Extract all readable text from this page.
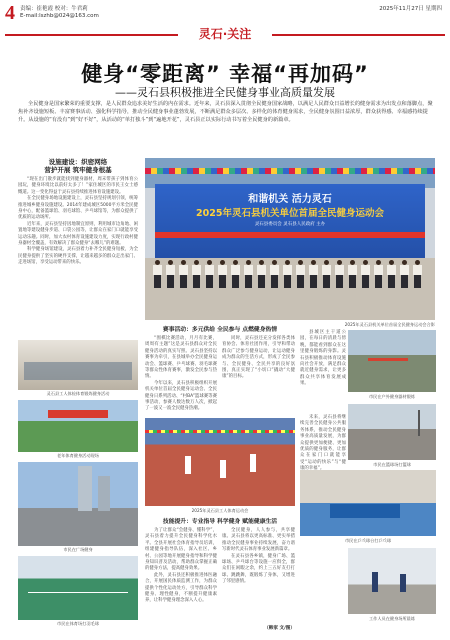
4 责编：崔艳霞 校对：牛君莉
E-mail:lszhb@024@163.com
2025年11月27日 星期四
灵石·关注
健身“零距离” 幸福“再加码”
——灵石县积极推进全民健身事业高质量发展
全民健身是国家繁荣的重要支撑，是人民群众追求美好生活的内在需求。近年来，灵石县深入贯彻全民健身国家战略，以满足人民群众日益增长的健身需求为出发点和落脚点，聚焦补齐设施短板、丰富赛事活动、强化科学指导，推动全民健身事业蓬勃发展，不断满足群众多层次、多样化的体育健身需求，全民健身氛围日益浓厚，群众获得感、幸福感持续提升。从设施的“有没有”到“好不好”，从活动的“单打独斗”到“遍地开花”，灵石县正以实际行动书写着全民健身的新篇章。
设施建设：织密网络
营护开展 筑牢健身根基

“现在出门散步就能找到健身器材，周末带孩子到体育公园玩，健身环境比以前好太多了！”家住城区的市民王女士感慨道。这一变化得益于灵石县持续推进体育设施建设。

在全民健身场地设施建设上，灵石县坚持规划引领，统筹推进城乡健身设施建设。2014年建成城区5000平方米全民健身中心，配备篮球馆、羽毛球馆、乒乓球馆等，为群众提供了优质的运动场所。

近年来，灵石县坚持因地制宜原则，利用城市边角地、闲置地等建设健身步道、口袋公园等，让群众在家门口就能享受运动乐趣。同时，加大农村体育设施建设力度，实现行政村健身器材全覆盖，有效解决了群众健身“去哪儿”的难题。

科学健身场馆建设，灵石县着力补齐全民健身短板，为全民健身提供了坚实的硬件支撑，让越来越多的群众走出家门、走进场馆，享受运动带来的快乐。

和谐机关 活力灵石
2025年灵石县机关单位首届全民健身运动会
灵石县委员会 灵石县人民政府 主办
2025年灵石县机关单位首届全民健身运动会合影
灵石县工人体检体育锻炼健身活动
老年体育健身活动现场
市民在广场健身
市民在体育场打羽毛球
赛事活动：多元供给 全民参与 点燃健身热情

“围棋比赛活动，月月有比赛，周周有主题”这是灵石县群众对全民健身活动的真实写照。灵石县坚持以赛事为牵引，在县城举办全民健身运动会、篮球赛、乒乓球赛、羽毛球赛等群众性体育赛事，激发全民参与热情。

今年以来，灵石县积极组织开展机关单位首届全民健身运动会、全民健身日系列活动、“村BA”篮球赛等赛事活动，参赛人数达数万人次，掀起了一波又一波全民健身热潮。

同时，灵石县还充分发挥各类体育协会、体育社团作用，引导和带动群众广泛参与健身运动，让运动健身成为群众的生活方式，形成了全民参与、全民健身、全民共享的良好氛围，真正实现了“小切口”撬动“大健康”的目标。

2025年灵石县工人体育运动会

县城区主干道公园，在每日的清晨与傍晚，都能看到群众在这里健身锻炼的身影。灵石县积极推动体育设施向社会开放，满足群众就近健身需求，让更多群众共享体育发展成果。

技能提升：专业指导 科学健身 赋能健康生活

为了让群众“会健身、懂科学”，灵石县着力提升全民健身科学化水平。全县开展社会体育指导员培训，组建健身指导队伍，深入社区、乡村、公园等地开展健身指导和科学健身知识普及活动，帮助群众掌握正确的健身方法，提高健身效果。

此外，灵石县还积极推进体医融合，开展国民体质监测工作，为群众提供个性化运动处方，引导群众科学健身、理性健身，不断提升健康素养，让科学健身理念深入人心。

全民健身，人人参与，共享健康。灵石县将以更高标准、更实举措推动全民健身事业持续发展，奋力谱写新时代灵石体育事业发展新篇章。

在灵石县各乡镇，健身广场、篮球场、乒乓球台等设施一应俱全，群众们在闲暇之余，约上三五好友打打球、跳跳舞，既锻炼了身体，又增进了邻里感情。

（韩家 文/图）
市民在户外健身器材锻炼
市民在篮球场打篮球
市民在乒乓球台打乒乓球
工作人员在健身场所晨练

未来，灵石县将继续完善全民健身公共服务体系，推动全民健身事业高质量发展，为群众提供更加便捷、更加优质的健身服务，让群众在家门口就能享受“运动的快乐”与“健康的幸福”。
